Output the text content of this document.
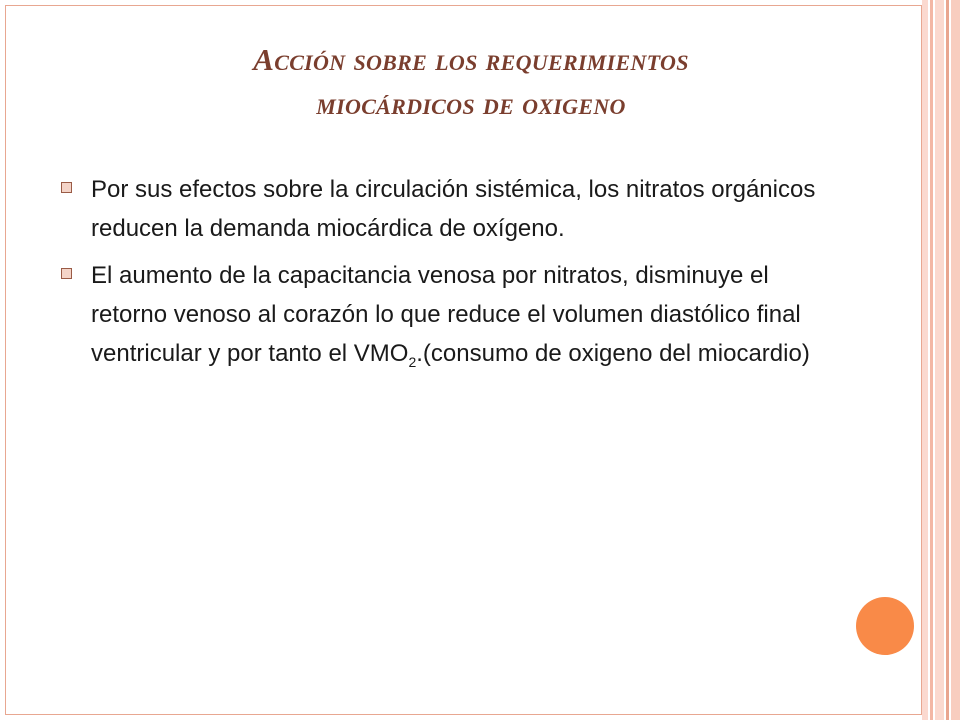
Acción sobre los requerimientos
miocárdicos de oxigeno
Por sus efectos sobre la circulación sistémica, los nitratos orgánicos reducen la demanda miocárdica de oxígeno.
El aumento de la capacitancia venosa por nitratos, disminuye el retorno venoso al corazón lo que reduce el volumen diastólico final ventricular y por tanto el $VMO_2.(consumo$ de oxigeno del miocardio)
